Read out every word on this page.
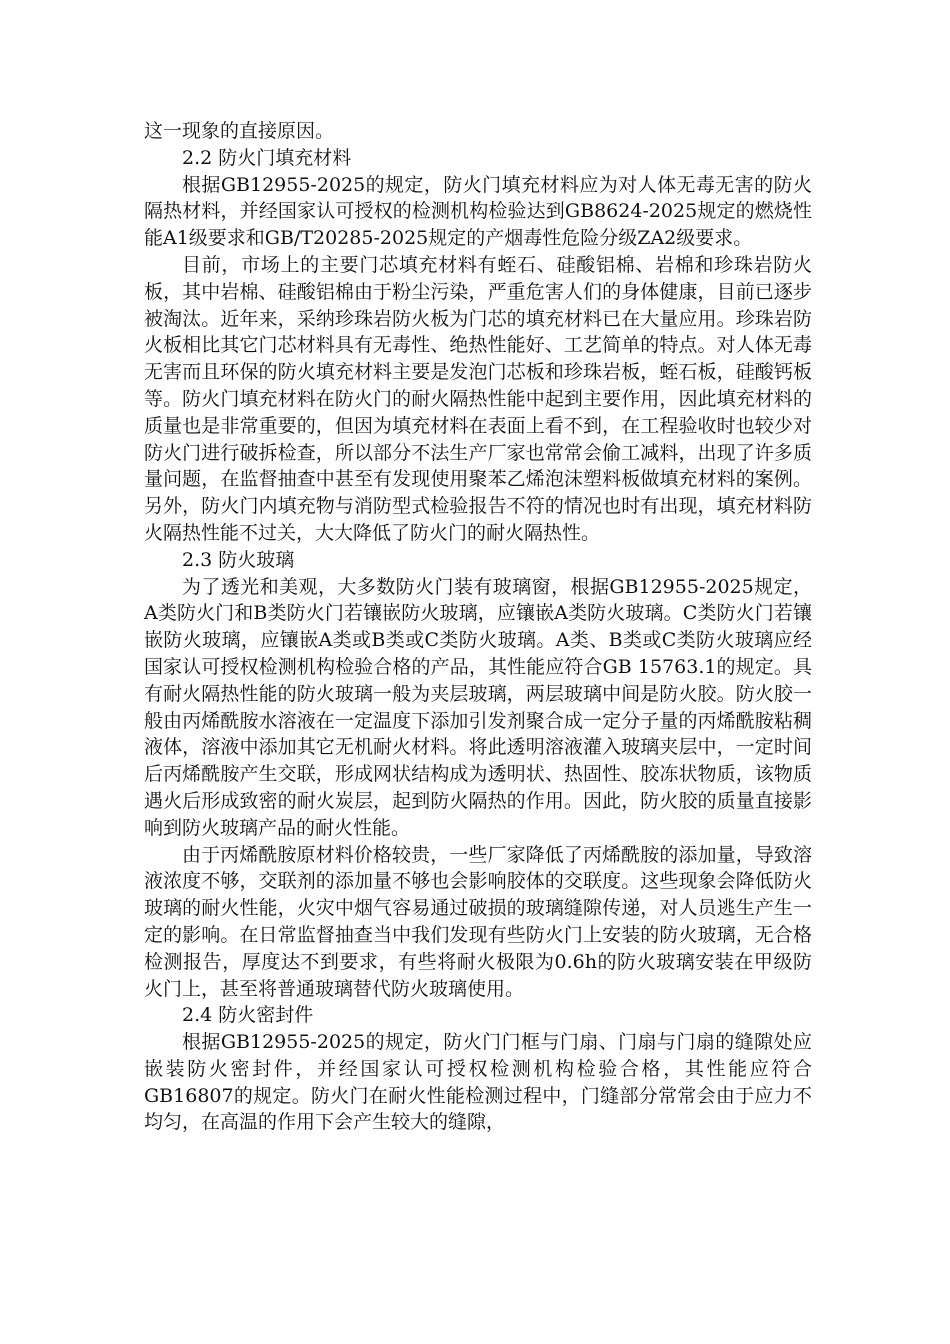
这一现象的直接原因。

2.2 防火门填充材料

根据GB12955-2025的规定，防火门填充材料应为对人体无毒无害的防火隔热材料，并经国家认可授权的检测机构检验达到GB8624-2025规定的燃烧性能A1级要求和GB/T20285-2025规定的产烟毒性危险分级ZA2级要求。

目前，市场上的主要门芯填充材料有蛭石、硅酸铝棉、岩棉和珍珠岩防火板，其中岩棉、硅酸铝棉由于粉尘污染，严重危害人们的身体健康，目前已逐步被淘汰。近年来，采纳珍珠岩防火板为门芯的填充材料已在大量应用。珍珠岩防火板相比其它门芯材料具有无毒性、绝热性能好、工艺简单的特点。对人体无毒无害而且环保的防火填充材料主要是发泡门芯板和珍珠岩板，蛭石板，硅酸钙板等。防火门填充材料在防火门的耐火隔热性能中起到主要作用，因此填充材料的质量也是非常重要的，但因为填充材料在表面上看不到，在工程验收时也较少对防火门进行破拆检查，所以部分不法生产厂家也常常会偷工减料，出现了许多质量问题，在监督抽查中甚至有发现使用聚苯乙烯泡沫塑料板做填充材料的案例。另外，防火门内填充物与消防型式检验报告不符的情况也时有出现，填充材料防火隔热性能不过关，大大降低了防火门的耐火隔热性。

2.3 防火玻璃

为了透光和美观，大多数防火门装有玻璃窗，根据GB12955-2025规定，A类防火门和B类防火门若镶嵌防火玻璃，应镶嵌A类防火玻璃。C类防火门若镶嵌防火玻璃，应镶嵌A类或B类或C类防火玻璃。A类、B类或C类防火玻璃应经国家认可授权检测机构检验合格的产品，其性能应符合GB 15763.1的规定。具有耐火隔热性能的防火玻璃一般为夹层玻璃，两层玻璃中间是防火胶。防火胶一般由丙烯酰胺水溶液在一定温度下添加引发剂聚合成一定分子量的丙烯酰胺粘稠液体，溶液中添加其它无机耐火材料。将此透明溶液灌入玻璃夹层中，一定时间后丙烯酰胺产生交联，形成网状结构成为透明状、热固性、胶冻状物质，该物质遇火后形成致密的耐火炭层，起到防火隔热的作用。因此，防火胶的质量直接影响到防火玻璃产品的耐火性能。

由于丙烯酰胺原材料价格较贵，一些厂家降低了丙烯酰胺的添加量，导致溶液浓度不够，交联剂的添加量不够也会影响胶体的交联度。这些现象会降低防火玻璃的耐火性能，火灾中烟气容易通过破损的玻璃缝隙传递，对人员逃生产生一定的影响。在日常监督抽查当中我们发现有些防火门上安装的防火玻璃，无合格检测报告，厚度达不到要求，有些将耐火极限为0.6h的防火玻璃安装在甲级防火门上，甚至将普通玻璃替代防火玻璃使用。

2.4 防火密封件

根据GB12955-2025的规定，防火门门框与门扇、门扇与门扇的缝隙处应嵌装防火密封件，并经国家认可授权检测机构检验合格，其性能应符合GB16807的规定。防火门在耐火性能检测过程中，门缝部分常常会由于应力不均匀，在高温的作用下会产生较大的缝隙，
